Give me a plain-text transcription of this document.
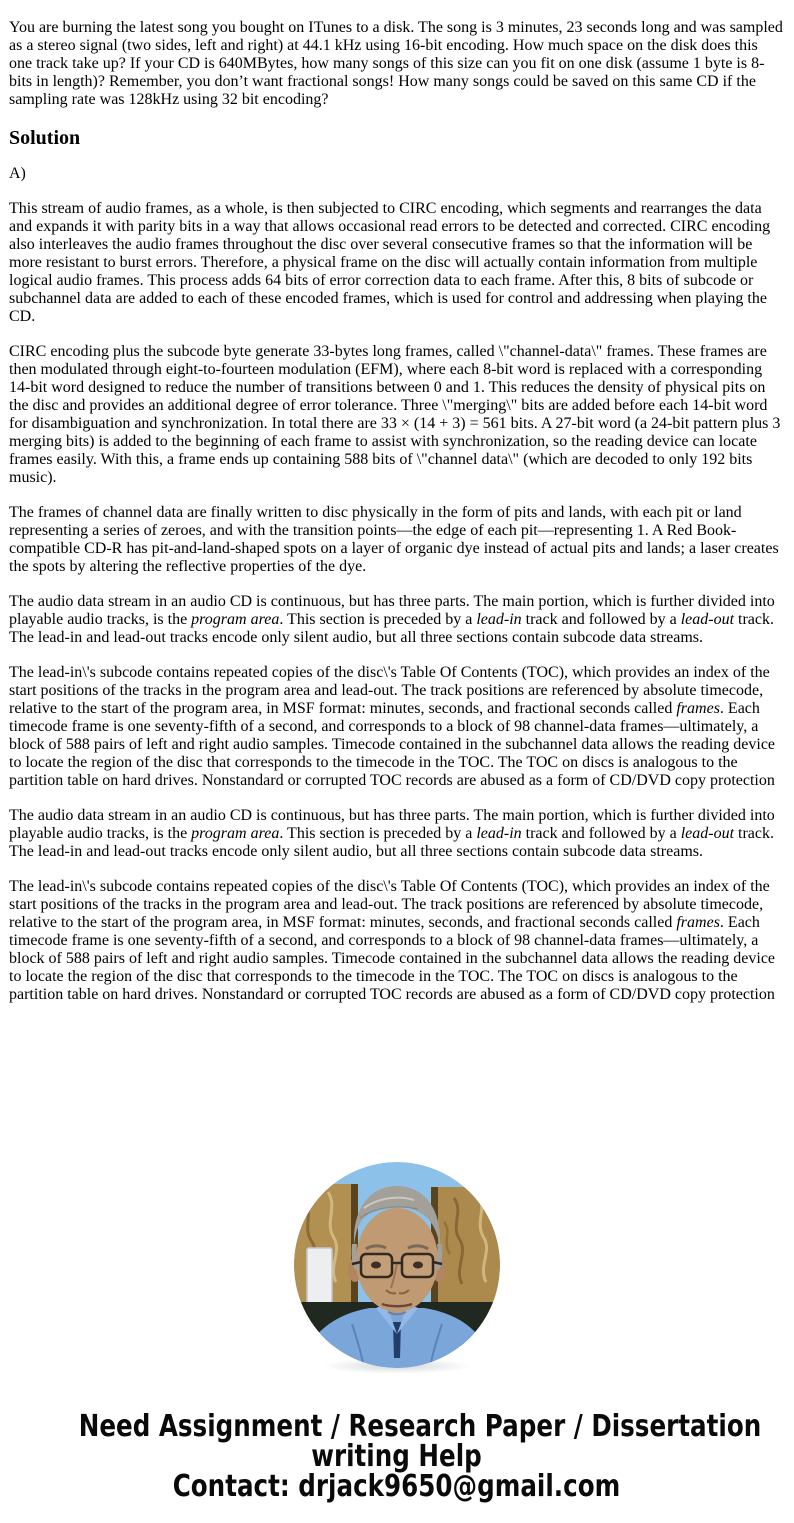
You are burning the latest song you bought on ITunes to a disk. The song is 3 minutes, 23 seconds long and was sampled as a stereo signal (two sides, left and right) at 44.1 kHz using 16-bit encoding. How much space on the disk does this one track take up? If your CD is 640MBytes, how many songs of this size can you fit on one disk (assume 1 byte is 8-bits in length)? Remember, you don’t want fractional songs! How many songs could be saved on this same CD if the sampling rate was 128kHz using 32 bit encoding?

Solution

A)

This stream of audio frames, as a whole, is then subjected to CIRC encoding, which segments and rearranges the data and expands it with parity bits in a way that allows occasional read errors to be detected and corrected. CIRC encoding also interleaves the audio frames throughout the disc over several consecutive frames so that the information will be more resistant to burst errors. Therefore, a physical frame on the disc will actually contain information from multiple logical audio frames. This process adds 64 bits of error correction data to each frame. After this, 8 bits of subcode or subchannel data are added to each of these encoded frames, which is used for control and addressing when playing the CD.

CIRC encoding plus the subcode byte generate 33-bytes long frames, called \"channel-data\" frames. These frames are then modulated through eight-to-fourteen modulation (EFM), where each 8-bit word is replaced with a corresponding 14-bit word designed to reduce the number of transitions between 0 and 1. This reduces the density of physical pits on the disc and provides an additional degree of error tolerance. Three \"merging\" bits are added before each 14-bit word for disambiguation and synchronization. In total there are 33 × (14 + 3) = 561 bits. A 27-bit word (a 24-bit pattern plus 3 merging bits) is added to the beginning of each frame to assist with synchronization, so the reading device can locate frames easily. With this, a frame ends up containing 588 bits of \"channel data\" (which are decoded to only 192 bits music).

The frames of channel data are finally written to disc physically in the form of pits and lands, with each pit or land representing a series of zeroes, and with the transition points—the edge of each pit—representing 1. A Red Book-compatible CD-R has pit-and-land-shaped spots on a layer of organic dye instead of actual pits and lands; a laser creates the spots by altering the reflective properties of the dye.

The audio data stream in an audio CD is continuous, but has three parts. The main portion, which is further divided into playable audio tracks, is the program area. This section is preceded by a lead-in track and followed by a lead-out track. The lead-in and lead-out tracks encode only silent audio, but all three sections contain subcode data streams.

The lead-in\'s subcode contains repeated copies of the disc\'s Table Of Contents (TOC), which provides an index of the start positions of the tracks in the program area and lead-out. The track positions are referenced by absolute timecode, relative to the start of the program area, in MSF format: minutes, seconds, and fractional seconds called frames. Each timecode frame is one seventy-fifth of a second, and corresponds to a block of 98 channel-data frames—ultimately, a block of 588 pairs of left and right audio samples. Timecode contained in the subchannel data allows the reading device to locate the region of the disc that corresponds to the timecode in the TOC. The TOC on discs is analogous to the partition table on hard drives. Nonstandard or corrupted TOC records are abused as a form of CD/DVD copy protection

The audio data stream in an audio CD is continuous, but has three parts. The main portion, which is further divided into playable audio tracks, is the program area. This section is preceded by a lead-in track and followed by a lead-out track. The lead-in and lead-out tracks encode only silent audio, but all three sections contain subcode data streams.

The lead-in\'s subcode contains repeated copies of the disc\'s Table Of Contents (TOC), which provides an index of the start positions of the tracks in the program area and lead-out. The track positions are referenced by absolute timecode, relative to the start of the program area, in MSF format: minutes, seconds, and fractional seconds called frames. Each timecode frame is one seventy-fifth of a second, and corresponds to a block of 98 channel-data frames—ultimately, a block of 588 pairs of left and right audio samples. Timecode contained in the subchannel data allows the reading device to locate the region of the disc that corresponds to the timecode in the TOC. The TOC on discs is analogous to the partition table on hard drives. Nonstandard or corrupted TOC records are abused as a form of CD/DVD copy protection

Need Assignment / Research Paper / Dissertation
writing Help
Contact: drjack9650@gmail.com
